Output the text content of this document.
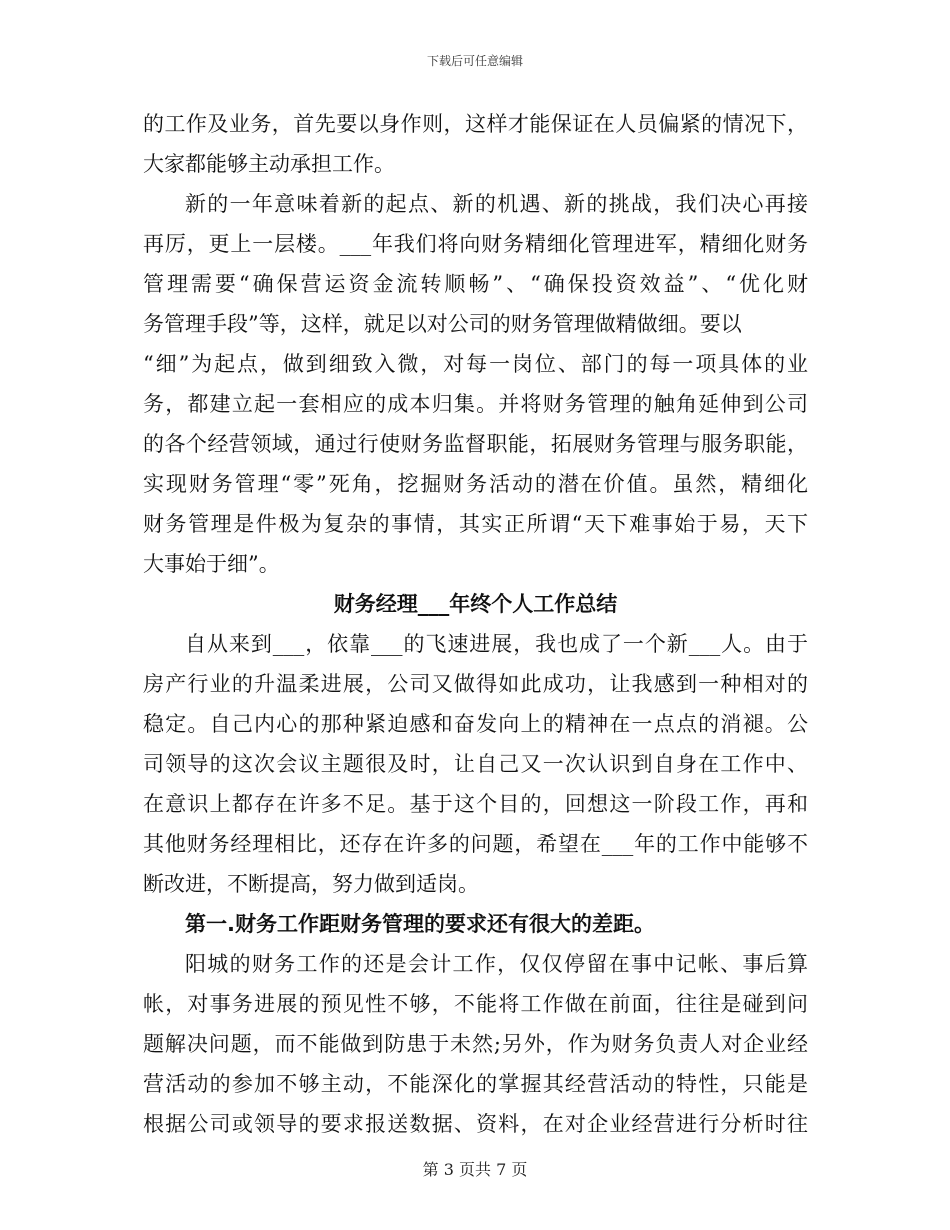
下载后可任意编辑
的工作及业务，首先要以身作则，这样才能保证在人员偏紧的情况下，
大家都能够主动承担工作。
新的一年意味着新的起点、新的机遇、新的挑战，我们决心再接
再厉，更上一层楼。___年我们将向财务精细化管理进军，精细化财务
管理需要“确保营运资金流转顺畅”、“确保投资效益”、“优化财
务管理手段”等，这样，就足以对公司的财务管理做精做细。要以
“细”为起点，做到细致入微，对每一岗位、部门的每一项具体的业
务，都建立起一套相应的成本归集。并将财务管理的触角延伸到公司
的各个经营领域，通过行使财务监督职能，拓展财务管理与服务职能，
实现财务管理“零”死角，挖掘财务活动的潜在价值。虽然，精细化
财务管理是件极为复杂的事情，其实正所谓“天下难事始于易，天下
大事始于细”。
财务经理___年终个人工作总结
自从来到___，依靠___的飞速进展，我也成了一个新___人。由于
房产行业的升温柔进展，公司又做得如此成功，让我感到一种相对的
稳定。自己内心的那种紧迫感和奋发向上的精神在一点点的消褪。公
司领导的这次会议主题很及时，让自己又一次认识到自身在工作中、
在意识上都存在许多不足。基于这个目的，回想这一阶段工作，再和
其他财务经理相比，还存在许多的问题，希望在___年的工作中能够不
断改进，不断提高，努力做到适岗。
第一.财务工作距财务管理的要求还有很大的差距。
阳城的财务工作的还是会计工作，仅仅停留在事中记帐、事后算
帐，对事务进展的预见性不够，不能将工作做在前面，往往是碰到问
题解决问题，而不能做到防患于未然;另外，作为财务负责人对企业经
营活动的参加不够主动，不能深化的掌握其经营活动的特性，只能是
根据公司或领导的要求报送数据、资料，在对企业经营进行分析时往
第 3 页共 7 页
